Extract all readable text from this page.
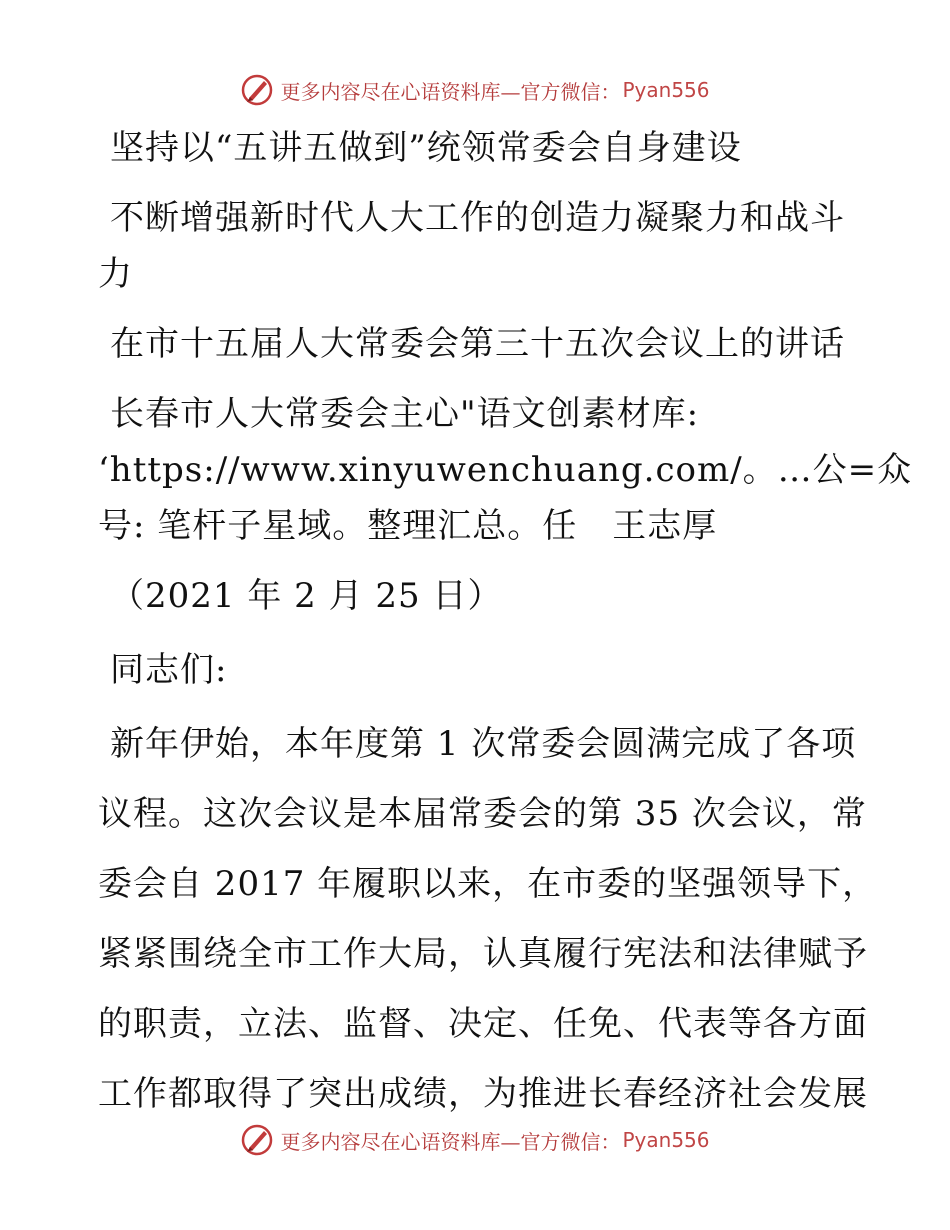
更多内容尽在心语资料库—官方微信： Pyan556
坚持以“五讲五做到”统领常委会自身建设
不断增强新时代人大工作的创造力凝聚力和战斗
力
在市十五届人大常委会第三十五次会议上的讲话
长春市人大常委会主心"语文创素材库:
‘https://www.xinyuwenchuang.com/。…公=众
号: 笔杆子星域。整理汇总。任　王志厚
（2021 年 2 月 25 日）
同志们:
新年伊始，本年度第 1 次常委会圆满完成了各项
议程。这次会议是本届常委会的第 35 次会议，常
委会自 2017 年履职以来，在市委的坚强领导下，
紧紧围绕全市工作大局，认真履行宪法和法律赋予
的职责，立法、监督、决定、任免、代表等各方面
工作都取得了突出成绩，为推进长春经济社会发展
更多内容尽在心语资料库—官方微信： Pyan556
